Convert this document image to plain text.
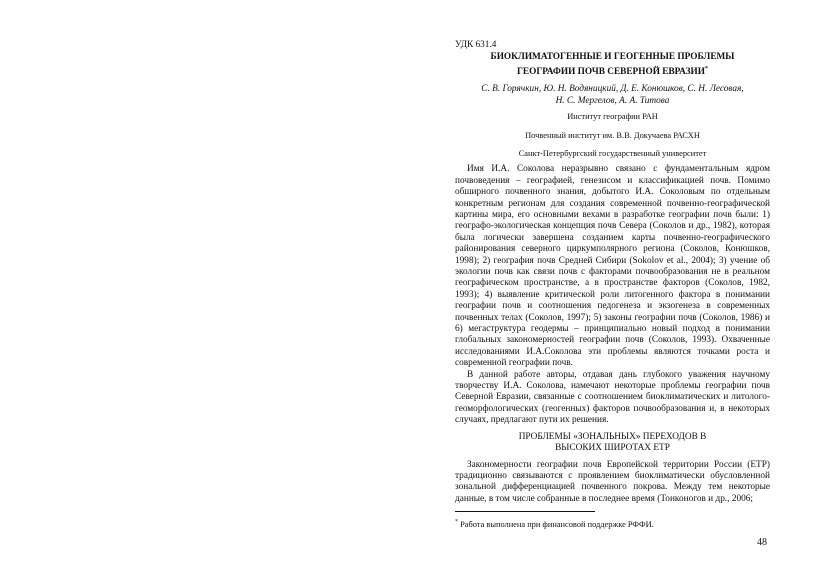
УДК 631.4
БИОКЛИМАТОГЕННЫЕ И ГЕОГЕННЫЕ ПРОБЛЕМЫ
ГЕОГРАФИИ ПОЧВ СЕВЕРНОЙ ЕВРАЗИИ*
С. В. Горячкин, Ю. Н. Водяницкий, Д. Е. Конюшков, С. Н. Лесовая,
Н. С. Мергелов, А. А. Титова
Институт географии РАН
Почвенный институт им. В.В. Докучаева РАСХН
Санкт-Петербургский государственный университет

Имя И.А. Соколова неразрывно связано с фундаментальным ядром почвоведения – географией, генезисом и классификацией почв. Помимо обширного почвенного знания, добытого И.А. Соколовым по отдельным конкретным регионам для создания современной почвенно-географической картины мира, его основными вехами в разработке географии почв были: 1) географо-экологическая концепция почв Севера (Соколов и др., 1982), которая была логически завершена созданием карты почвенно-географического районирования северного циркумполярного региона (Соколов, Конюшков, 1998); 2) география почв Средней Сибири (Sokolov et al., 2004); 3) учение об экологии почв как связи почв с факторами почвообразования не в реальном географическом пространстве, а в пространстве факторов (Соколов, 1982, 1993); 4) выявление критической роли литогенного фактора в понимании географии почв и соотношения педогенеза и экзогенеза в современных почвенных телах (Соколов, 1997); 5) законы географии почв (Соколов, 1986) и 6) мегаструктура геодермы – принципиально новый подход в понимании глобальных закономерностей географии почв (Соколов, 1993). Охваченные исследованиями И.А.Соколова эти проблемы являются точками роста и современной географии почв.

В данной работе авторы, отдавая дань глубокого уважения научному творчеству И.А. Соколова, намечают некоторые проблемы географии почв Северной Евразии, связанные с соотношением биоклиматических и литолого-геоморфологических (геогенных) факторов почвообразования и, в некоторых случаях, предлагают пути их решения.

ПРОБЛЕМЫ «ЗОНАЛЬНЫХ» ПЕРЕХОДОВ В
ВЫСОКИХ ШИРОТАХ ЕТР

Закономерности географии почв Европейской территории России (ЕТР) традиционно связываются с проявлением биоклиматически обусловленной зональной дифференциацией почвенного покрова. Между тем некоторые данные, в том числе собранные в последнее время (Тонконогов и др., 2006;

* Работа выполнена при финансовой поддержке РФФИ.
48
